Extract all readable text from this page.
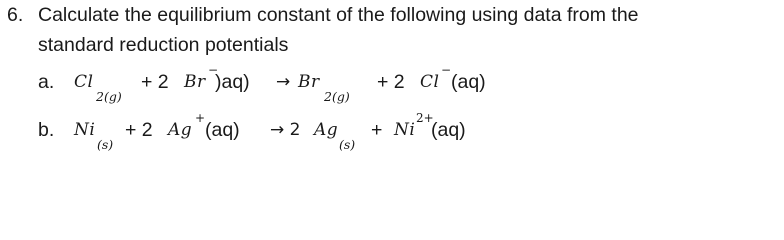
6. Calculate the equilibrium constant of the following using data from the
standard reduction potentials
a. Cl
2(g)
+ 2 Br
−
)aq) → Br
2(g)
+ 2 Cl
−
(aq)
b. Ni
(s)
+ 2 Ag
+
(aq) → 2 Ag
(s)
+ Ni
2+
(aq)
